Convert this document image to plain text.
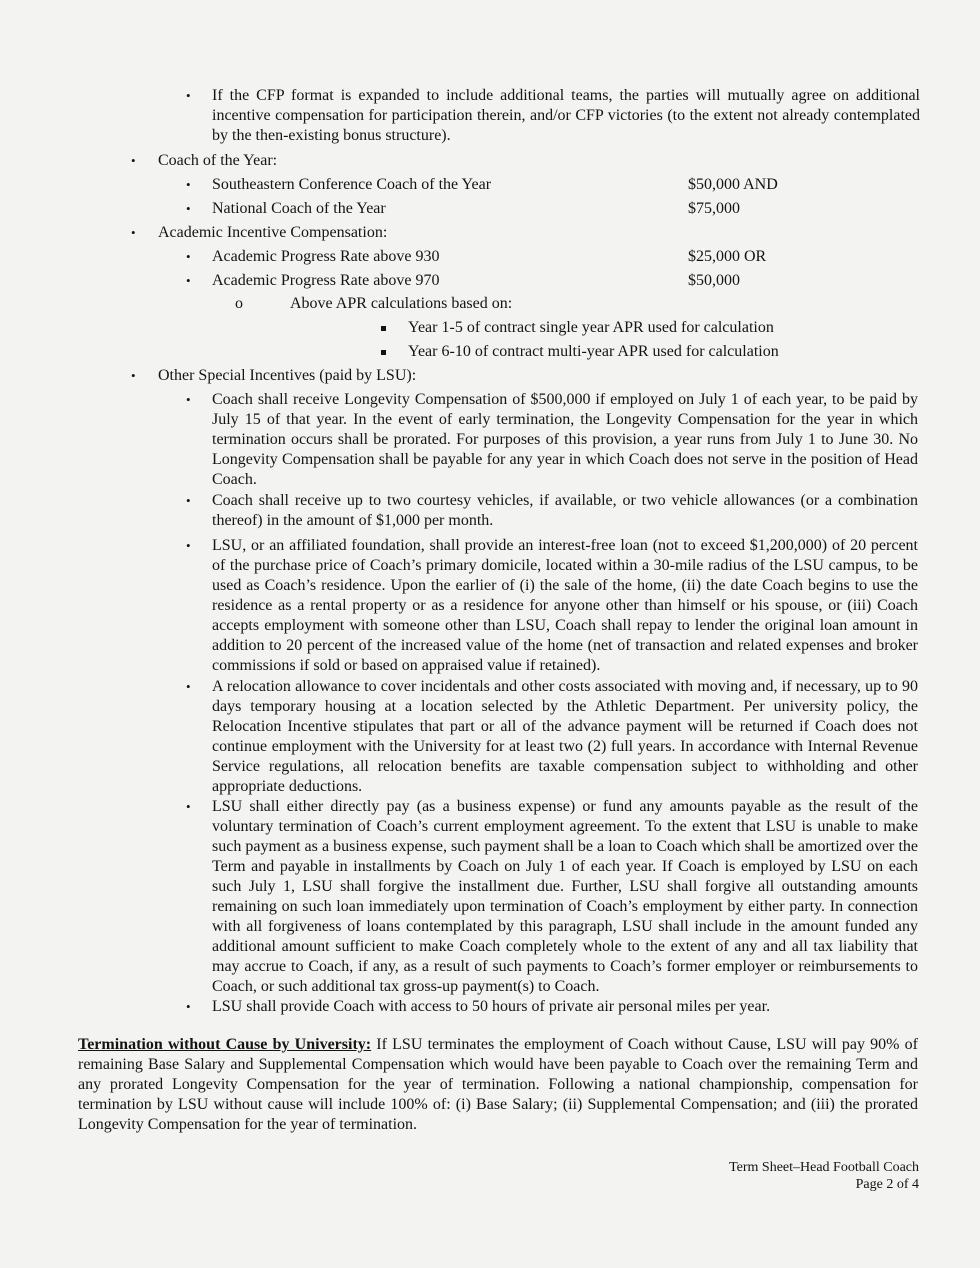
• If the CFP format is expanded to include additional teams, the parties will mutually agree on additional incentive compensation for participation therein, and/or CFP victories (to the extent not already contemplated by the then-existing bonus structure).
• Coach of the Year:
• Southeastern Conference Coach of the Year	$50,000 AND
• National Coach of the Year	$75,000
• Academic Incentive Compensation:
• Academic Progress Rate above 930	$25,000 OR
• Academic Progress Rate above 970	$50,000
o	Above APR calculations based on:
Year 1-5 of contract single year APR used for calculation
Year 6-10 of contract multi-year APR used for calculation
• Other Special Incentives (paid by LSU):
• Coach shall receive Longevity Compensation of $500,000 if employed on July 1 of each year, to be paid by July 15 of that year. In the event of early termination, the Longevity Compensation for the year in which termination occurs shall be prorated. For purposes of this provision, a year runs from July 1 to June 30. No Longevity Compensation shall be payable for any year in which Coach does not serve in the position of Head Coach.
• Coach shall receive up to two courtesy vehicles, if available, or two vehicle allowances (or a combination thereof) in the amount of $1,000 per month.
• LSU, or an affiliated foundation, shall provide an interest-free loan (not to exceed $1,200,000) of 20 percent of the purchase price of Coach’s primary domicile, located within a 30-mile radius of the LSU campus, to be used as Coach’s residence. Upon the earlier of (i) the sale of the home, (ii) the date Coach begins to use the residence as a rental property or as a residence for anyone other than himself or his spouse, or (iii) Coach accepts employment with someone other than LSU, Coach shall repay to lender the original loan amount in addition to 20 percent of the increased value of the home (net of transaction and related expenses and broker commissions if sold or based on appraised value if retained).
• A relocation allowance to cover incidentals and other costs associated with moving and, if necessary, up to 90 days temporary housing at a location selected by the Athletic Department. Per university policy, the Relocation Incentive stipulates that part or all of the advance payment will be returned if Coach does not continue employment with the University for at least two (2) full years. In accordance with Internal Revenue Service regulations, all relocation benefits are taxable compensation subject to withholding and other appropriate deductions.
• LSU shall either directly pay (as a business expense) or fund any amounts payable as the result of the voluntary termination of Coach’s current employment agreement. To the extent that LSU is unable to make such payment as a business expense, such payment shall be a loan to Coach which shall be amortized over the Term and payable in installments by Coach on July 1 of each year. If Coach is employed by LSU on each such July 1, LSU shall forgive the installment due. Further, LSU shall forgive all outstanding amounts remaining on such loan immediately upon termination of Coach’s employment by either party. In connection with all forgiveness of loans contemplated by this paragraph, LSU shall include in the amount funded any additional amount sufficient to make Coach completely whole to the extent of any and all tax liability that may accrue to Coach, if any, as a result of such payments to Coach’s former employer or reimbursements to Coach, or such additional tax gross-up payment(s) to Coach.
• LSU shall provide Coach with access to 50 hours of private air personal miles per year.
Termination without Cause by University: If LSU terminates the employment of Coach without Cause, LSU will pay 90% of remaining Base Salary and Supplemental Compensation which would have been payable to Coach over the remaining Term and any prorated Longevity Compensation for the year of termination. Following a national championship, compensation for termination by LSU without cause will include 100% of: (i) Base Salary; (ii) Supplemental Compensation; and (iii) the prorated Longevity Compensation for the year of termination.
Term Sheet–Head Football Coach
Page 2 of 4
